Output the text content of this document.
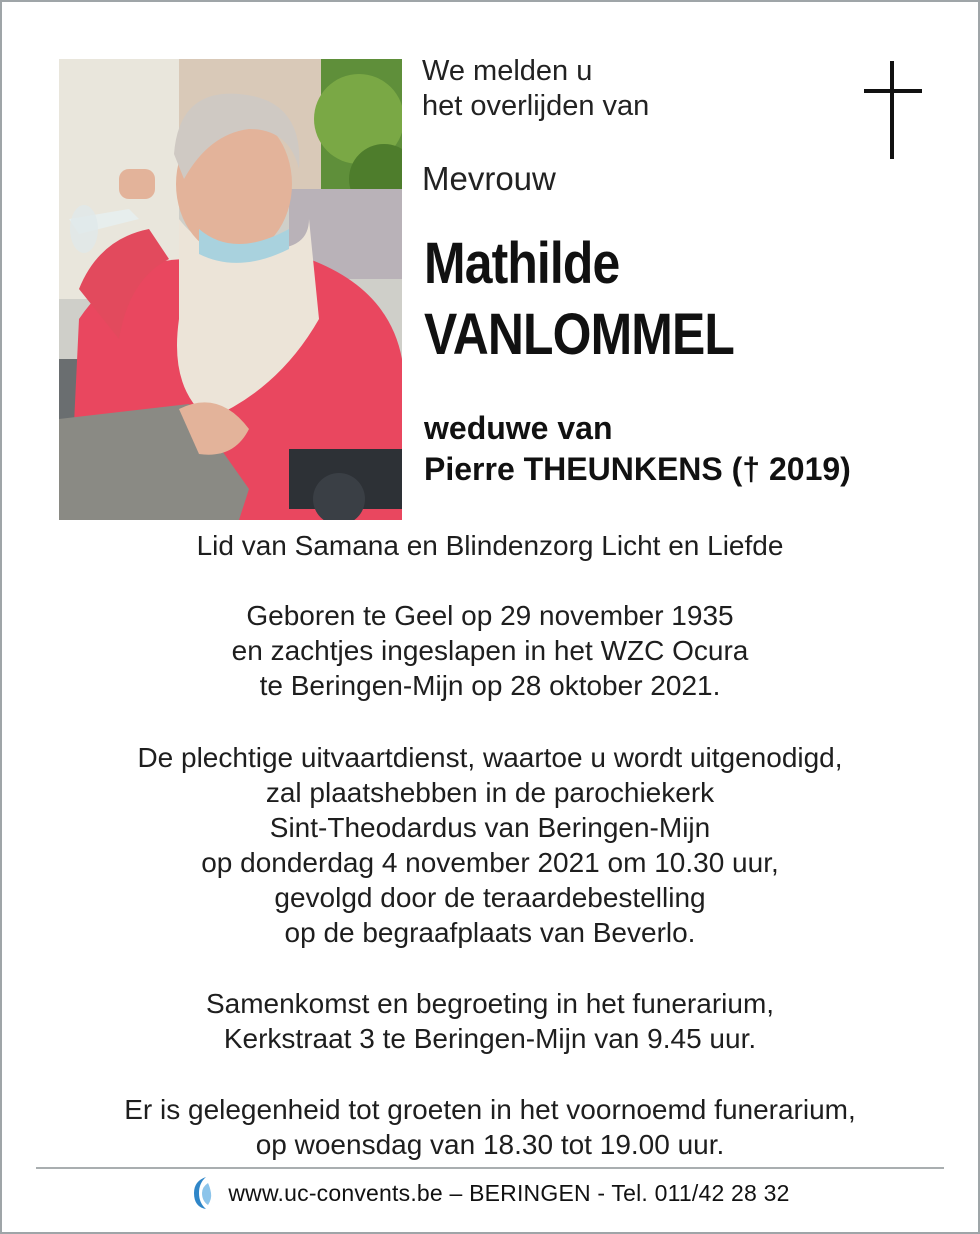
We melden u
het overlijden van
Mevrouw
Mathilde
VANLOMMEL
weduwe van
Pierre THEUNKENS († 2019)
Lid van Samana en Blindenzorg Licht en Liefde
Geboren te Geel op 29 november 1935
en zachtjes ingeslapen in het WZC Ocura
te Beringen-Mijn op 28 oktober 2021.
De plechtige uitvaartdienst, waartoe u wordt uitgenodigd,
zal plaatshebben in de parochiekerk
Sint-Theodardus van Beringen-Mijn
op donderdag 4 november 2021 om 10.30 uur,
gevolgd door de teraardebestelling
op de begraafplaats van Beverlo.
Samenkomst en begroeting in het funerarium,
Kerkstraat 3 te Beringen-Mijn van 9.45 uur.
Er is gelegenheid tot groeten in het voornoemd funerarium,
op woensdag van 18.30 tot 19.00 uur.
www.uc-convents.be – BERINGEN - Tel. 011/42 28 32
